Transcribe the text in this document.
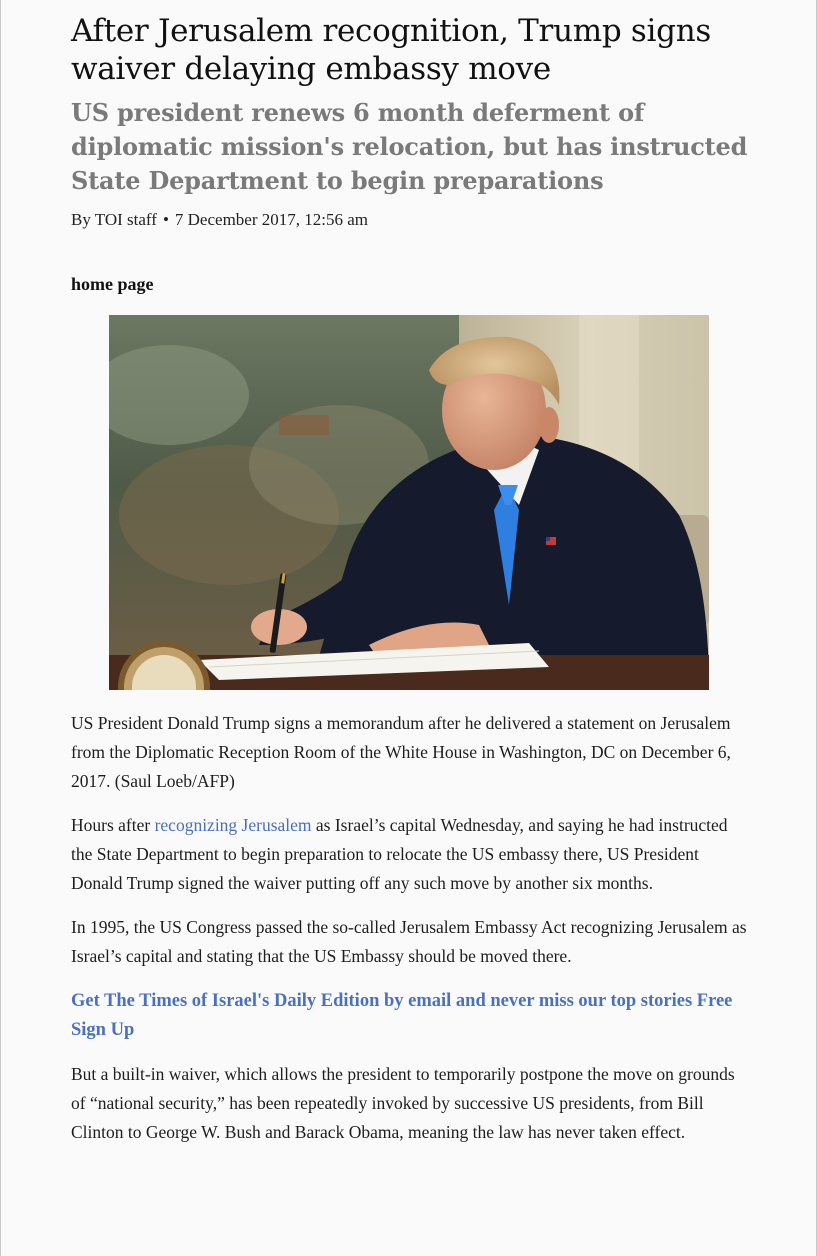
After Jerusalem recognition, Trump signs waiver delaying embassy move
US president renews 6 month deferment of diplomatic mission's relocation, but has instructed State Department to begin preparations
By TOI staff • 7 December 2017, 12:56 am
home page

US President Donald Trump signs a memorandum after he delivered a statement on Jerusalem from the Diplomatic Reception Room of the White House in Washington, DC on December 6, 2017. (Saul Loeb/AFP)

Hours after recognizing Jerusalem as Israel’s capital Wednesday, and saying he had instructed the State Department to begin preparation to relocate the US embassy there, US President Donald Trump signed the waiver putting off any such move by another six months.

In 1995, the US Congress passed the so-called Jerusalem Embassy Act recognizing Jerusalem as Israel’s capital and stating that the US Embassy should be moved there.

Get The Times of Israel's Daily Edition by email and never miss our top stories Free Sign Up

But a built-in waiver, which allows the president to temporarily postpone the move on grounds of “national security,” has been repeatedly invoked by successive US presidents, from Bill Clinton to George W. Bush and Barack Obama, meaning the law has never taken effect.
